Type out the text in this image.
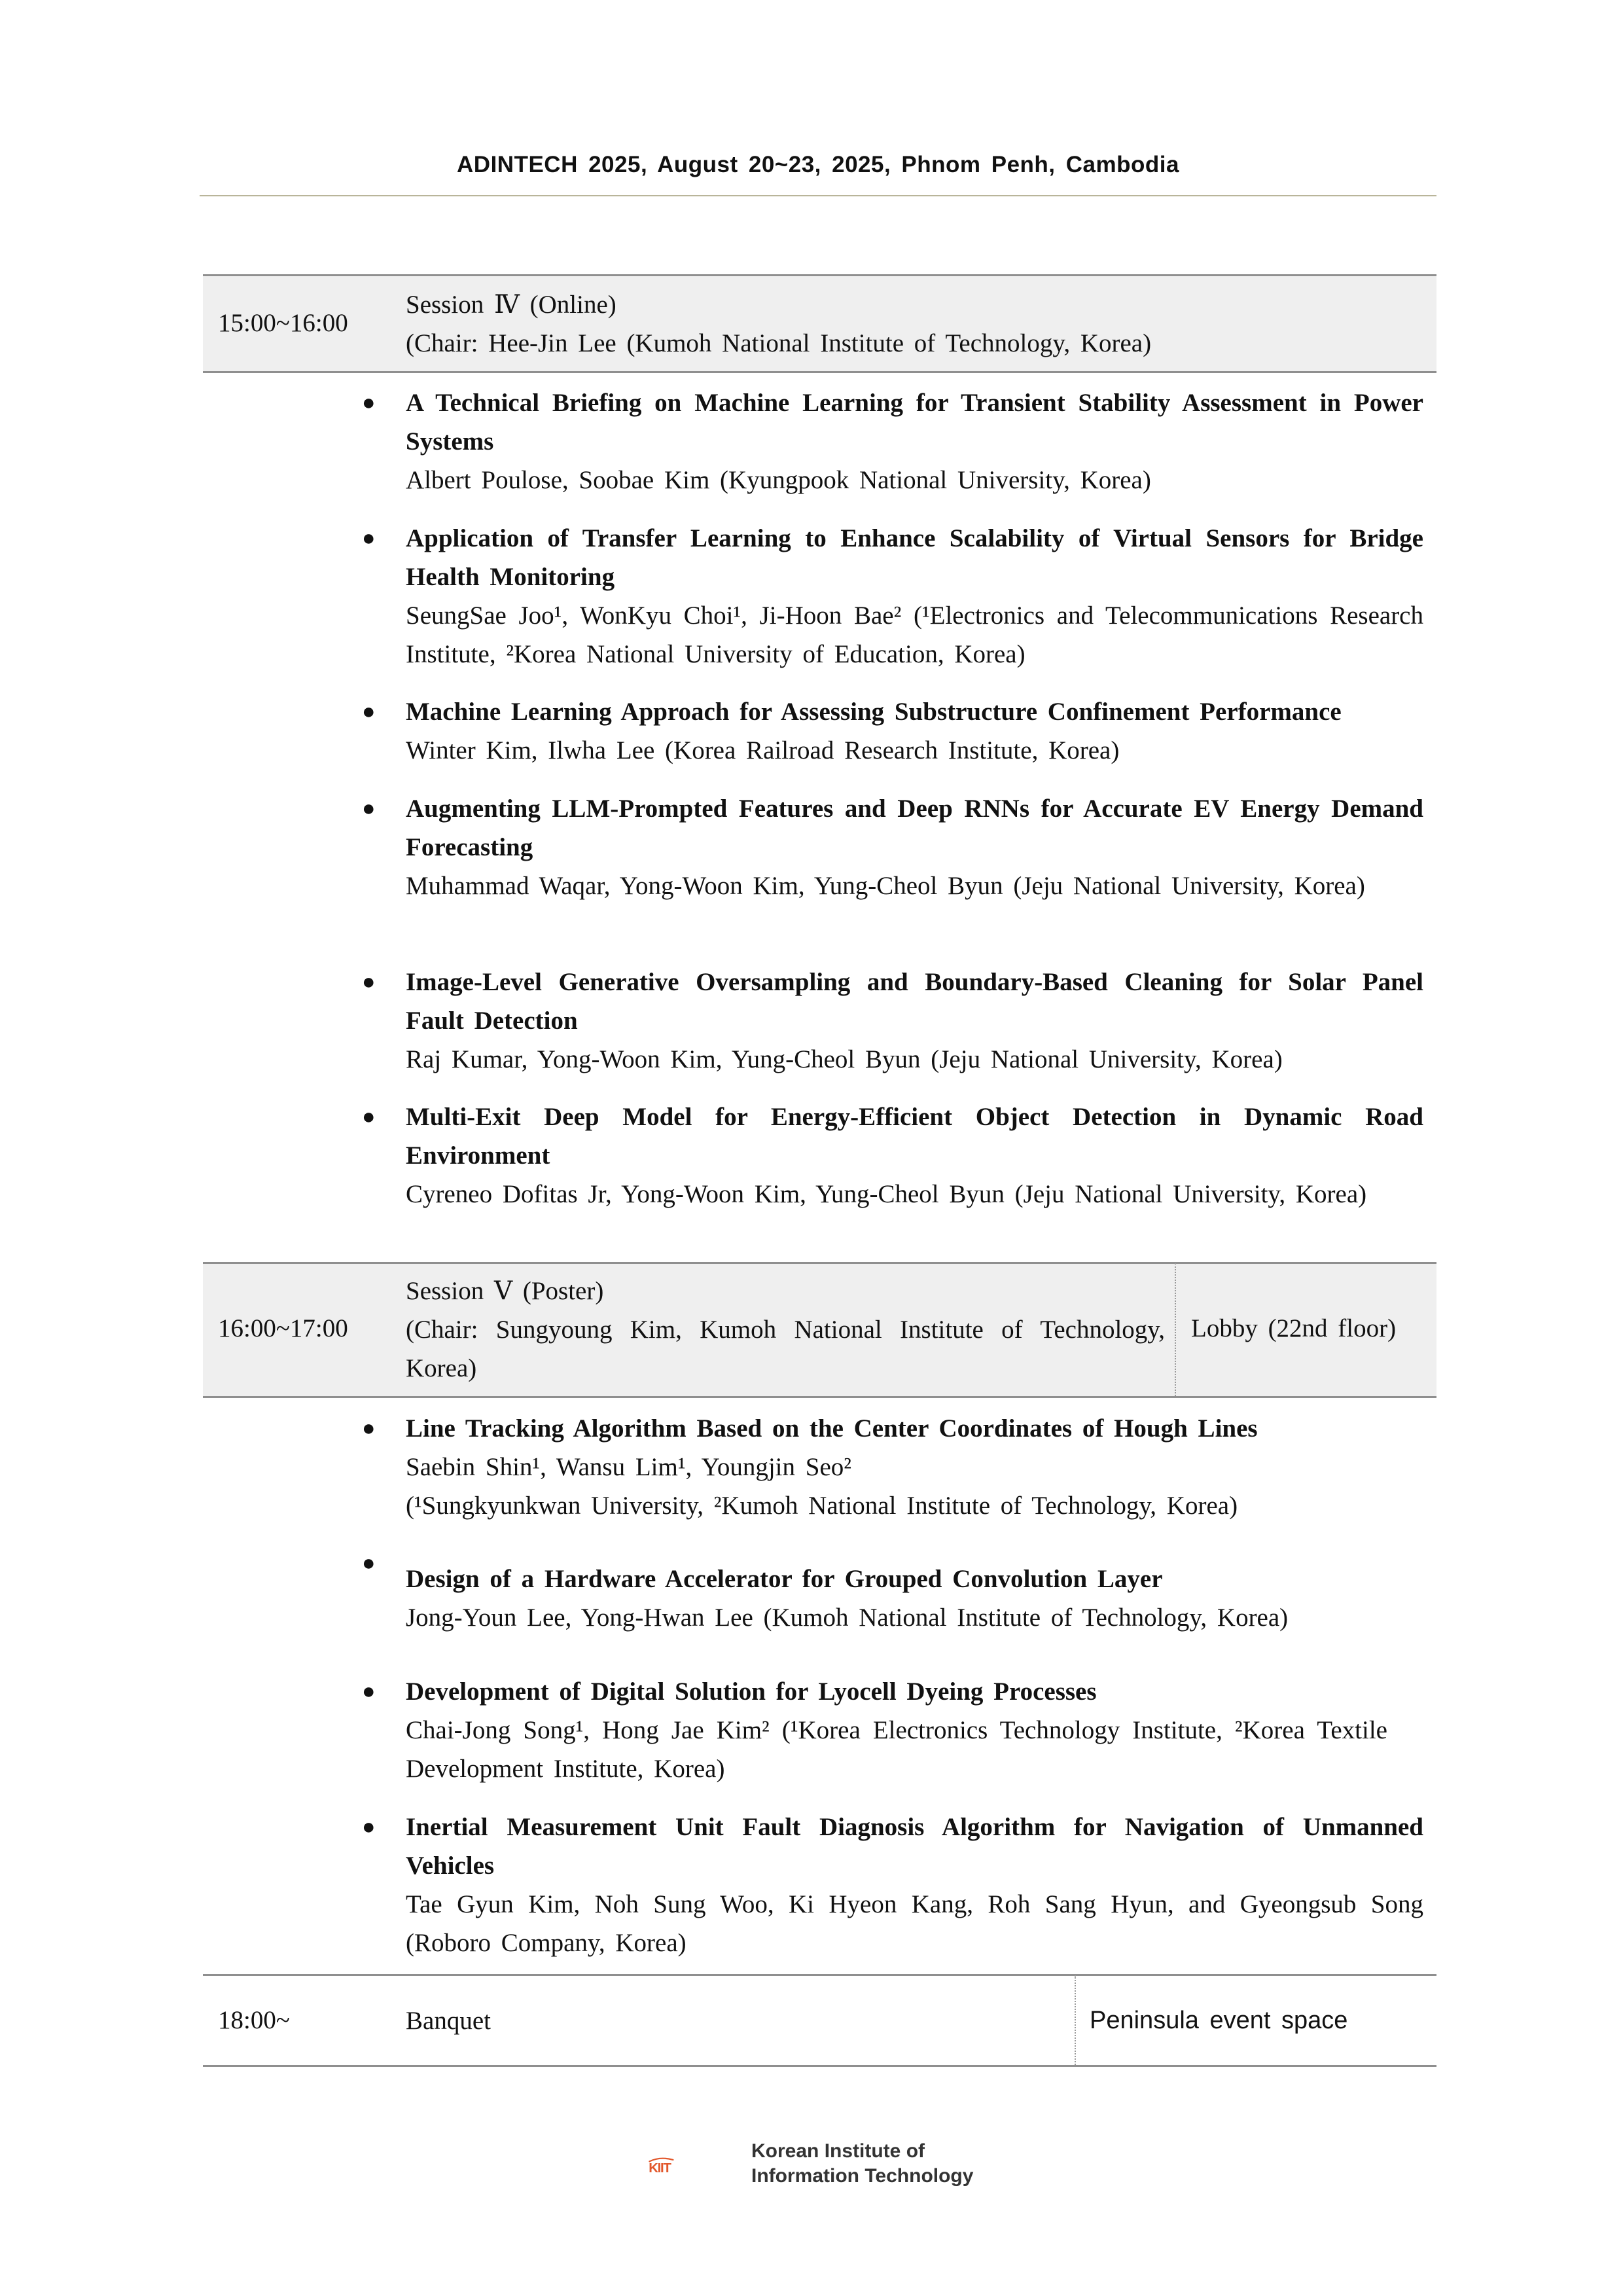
ADINTECH 2025, August 20~23, 2025, Phnom Penh, Cambodia
15:00~16:00
Session Ⅳ (Online)
(Chair: Hee-Jin Lee (Kumoh National Institute of Technology, Korea)
● A Technical Briefing on Machine Learning for Transient Stability Assessment in Power Systems
Albert Poulose, Soobae Kim (Kyungpook National University, Korea)
● Application of Transfer Learning to Enhance Scalability of Virtual Sensors for Bridge Health Monitoring
SeungSae Joo¹, WonKyu Choi¹, Ji-Hoon Bae² (¹Electronics and Telecommunications Research Institute, ²Korea National University of Education, Korea)
● Machine Learning Approach for Assessing Substructure Confinement Performance
Winter Kim, Ilwha Lee (Korea Railroad Research Institute, Korea)
● Augmenting LLM-Prompted Features and Deep RNNs for Accurate EV Energy Demand Forecasting
Muhammad Waqar, Yong-Woon Kim, Yung-Cheol Byun (Jeju National University, Korea)
● Image-Level Generative Oversampling and Boundary-Based Cleaning for Solar Panel Fault Detection
Raj Kumar, Yong-Woon Kim, Yung-Cheol Byun (Jeju National University, Korea)
● Multi-Exit Deep Model for Energy-Efficient Object Detection in Dynamic Road Environment
Cyreneo Dofitas Jr, Yong-Woon Kim, Yung-Cheol Byun (Jeju National University, Korea)
16:00~17:00
Session Ⅴ (Poster)
(Chair: Sungyoung Kim, Kumoh National Institute of Technology, Korea)
Lobby (22nd floor)
● Line Tracking Algorithm Based on the Center Coordinates of Hough Lines
Saebin Shin¹, Wansu Lim¹, Youngjin Seo²
(¹Sungkyunkwan University, ²Kumoh National Institute of Technology, Korea)
●
Design of a Hardware Accelerator for Grouped Convolution Layer
Jong-Youn Lee, Yong-Hwan Lee (Kumoh National Institute of Technology, Korea)
● Development of Digital Solution for Lyocell Dyeing Processes
Chai-Jong Song¹, Hong Jae Kim² (¹Korea Electronics Technology Institute, ²Korea Textile Development Institute, Korea)
● Inertial Measurement Unit Fault Diagnosis Algorithm for Navigation of Unmanned Vehicles
Tae Gyun Kim, Noh Sung Woo, Ki Hyeon Kang, Roh Sang Hyun, and Gyeongsub Song (Roboro Company, Korea)
18:00~	Banquet	Peninsula event space
KIIT
Korean Institute of
Information Technology
